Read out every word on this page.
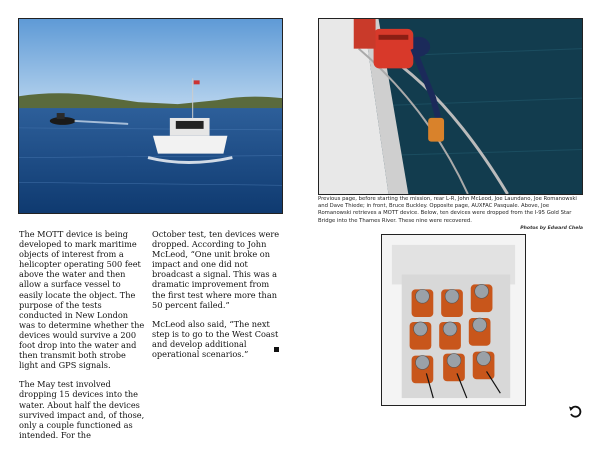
Previous page, before starting the mission, rear L-R, John McLeod, Joe Laundano, Joe Romanowski and Dave Thiede; in front, Bruce Buckley. Opposite page, AUXFAC Pasquale. Above, Joe Romanowski retrieves a MOTT device. Below, ten devices were dropped from the I-95 Gold Star Bridge into the Thames River. These nine were recovered.
Photos by Edward Chela

The MOTT device is being developed to mark maritime objects of interest from a helicopter operating 500 feet above the water and then allow a surface vessel to easily locate the object. The purpose of the tests conducted in New London was to determine whether the devices would survive a 200 foot drop into the water and then transmit both strobe light and GPS signals.

The May test involved dropping 15 devices into the water. About half the devices survived impact and, of those, only a couple functioned as intended. For the

October test, ten devices were dropped. According to John McLeod, “One unit broke on impact and one did not broadcast a signal. This was a dramatic improvement from the first test where more than 50 percent failed.”

McLeod also said, “The next step is to go to the West Coast and develop additional operational scenarios.”
